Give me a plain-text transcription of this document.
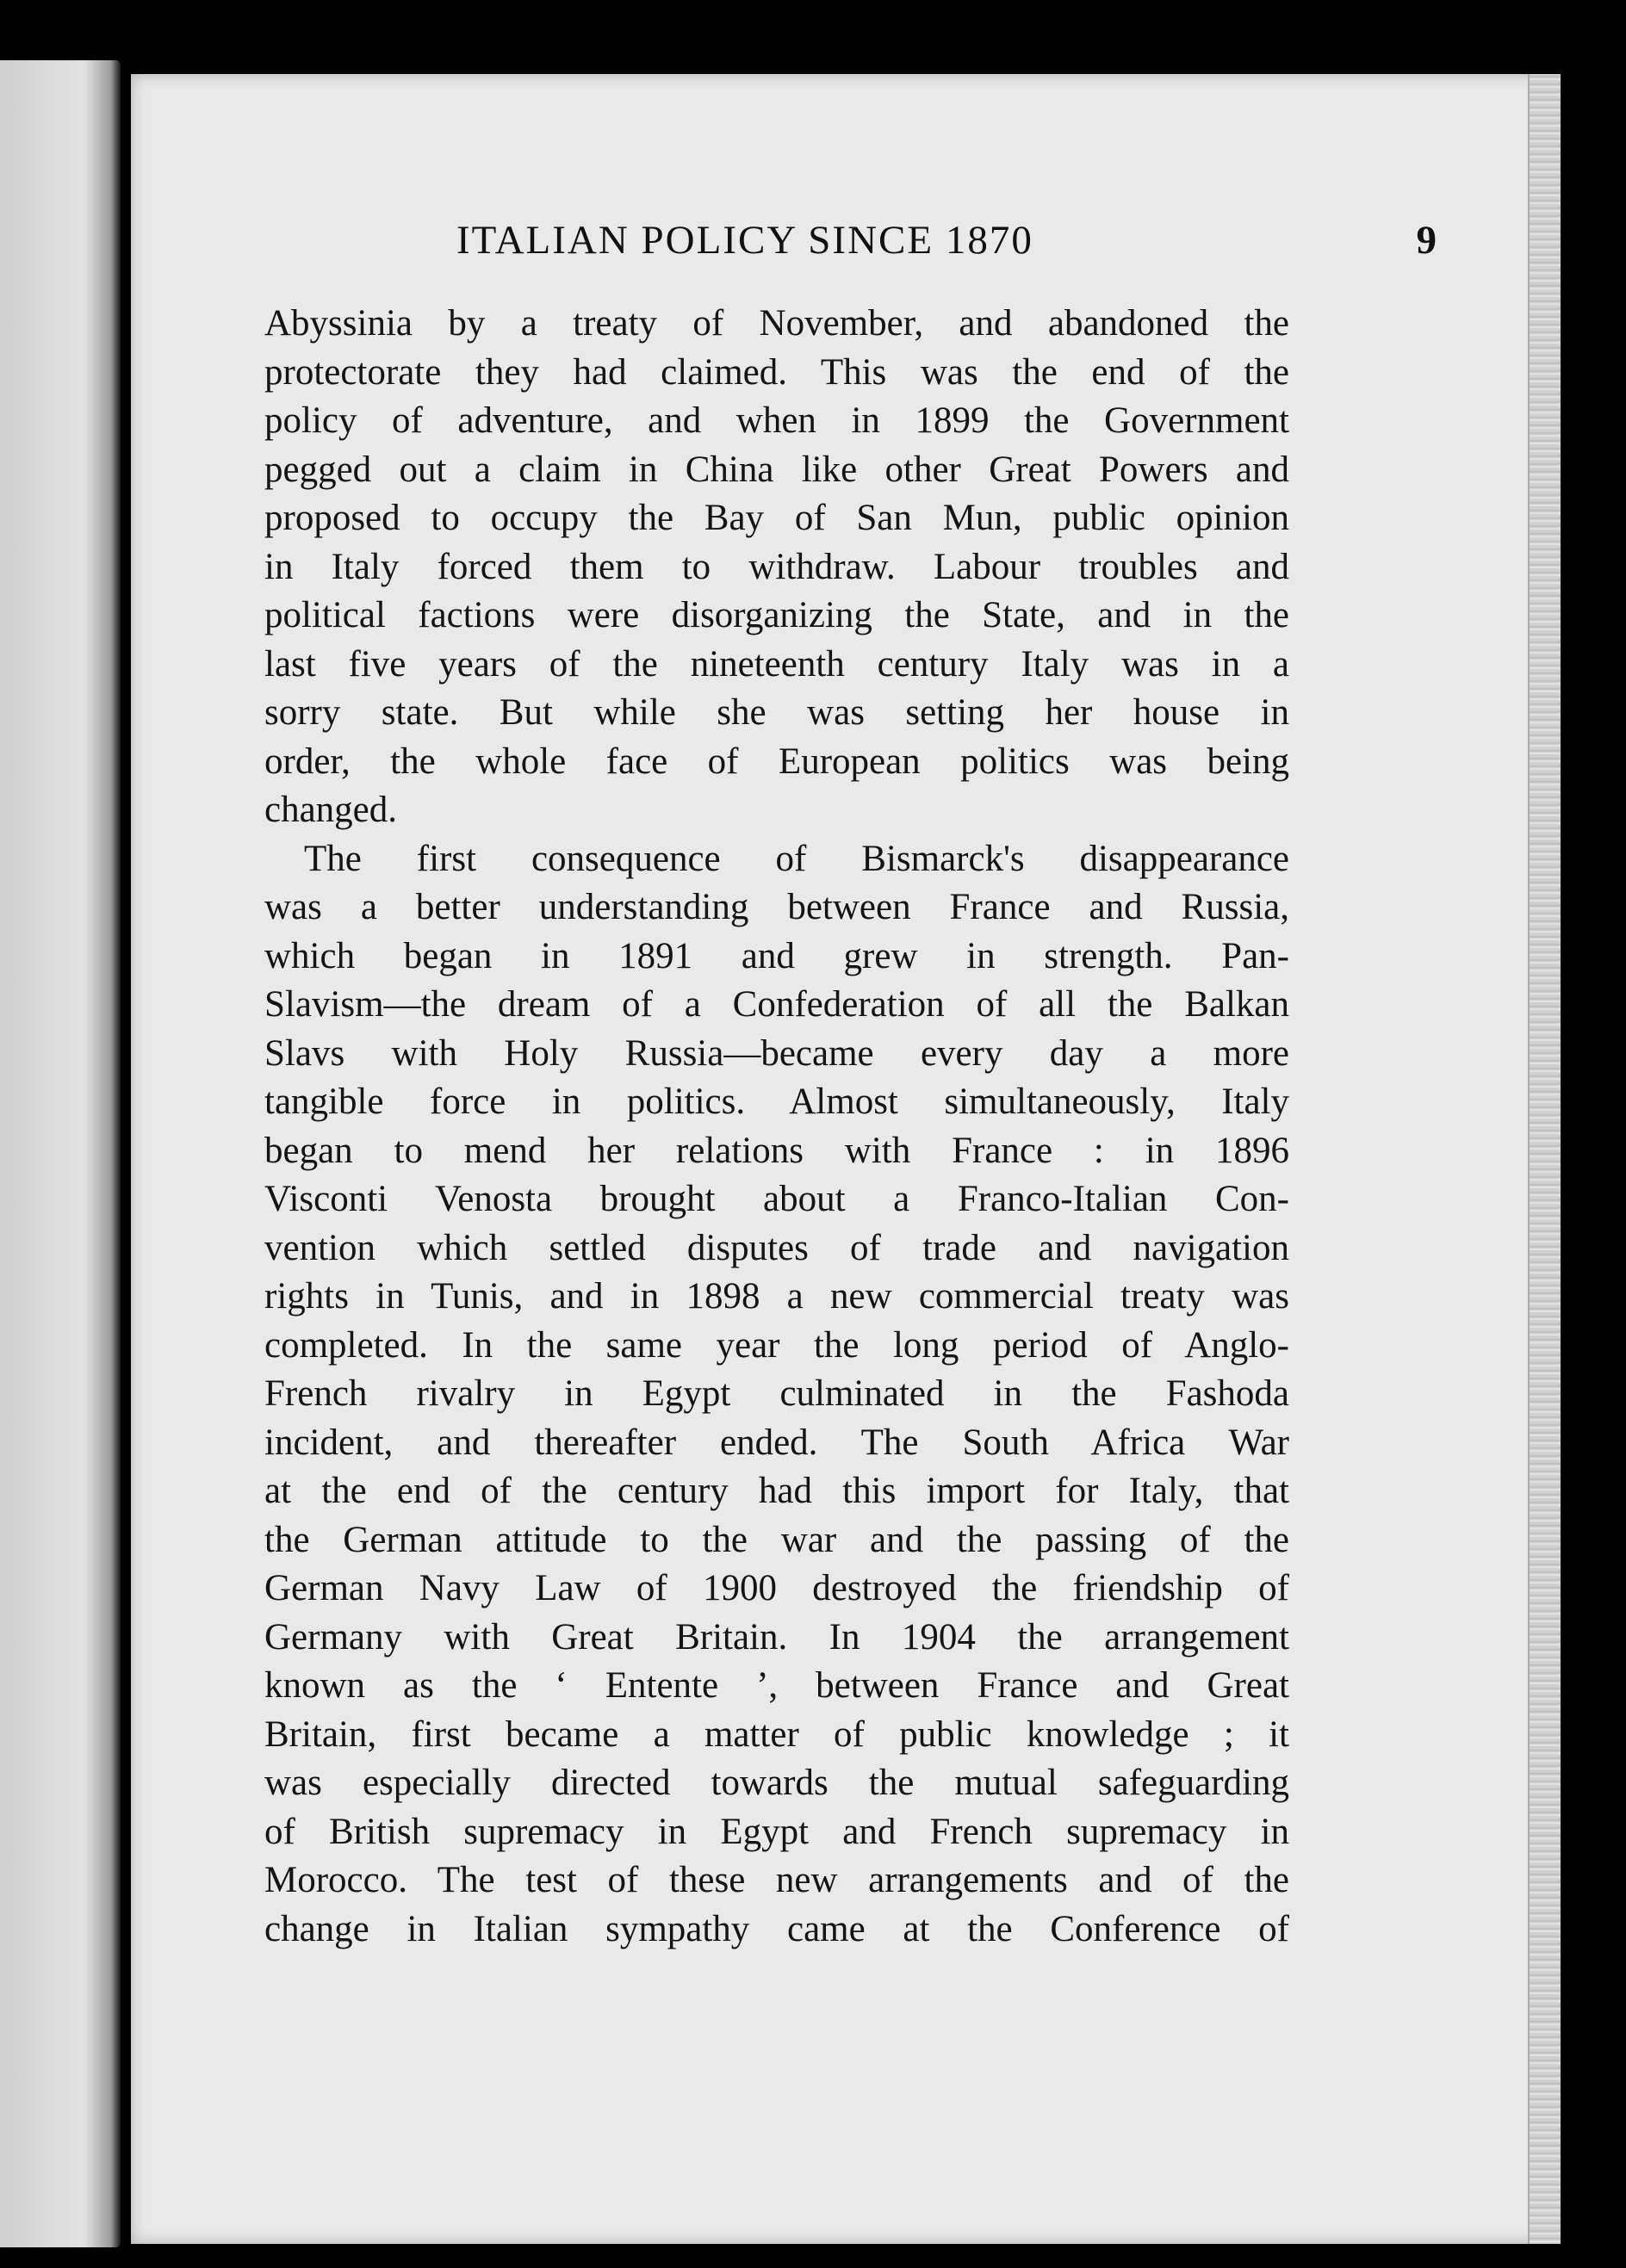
ITALIAN POLICY SINCE 1870	9
Abyssinia by a treaty of November, and abandoned the
protectorate they had claimed. This was the end of the
policy of adventure, and when in 1899 the Government
pegged out a claim in China like other Great Powers and
proposed to occupy the Bay of San Mun, public opinion
in Italy forced them to withdraw. Labour troubles and
political factions were disorganizing the State, and in the
last five years of the nineteenth century Italy was in a
sorry state. But while she was setting her house in
order, the whole face of European politics was being
changed.
The first consequence of Bismarck's disappearance
was a better understanding between France and Russia,
which began in 1891 and grew in strength. Pan-
Slavism—the dream of a Confederation of all the Balkan
Slavs with Holy Russia—became every day a more
tangible force in politics. Almost simultaneously, Italy
began to mend her relations with France : in 1896
Visconti Venosta brought about a Franco-Italian Con-
vention which settled disputes of trade and navigation
rights in Tunis, and in 1898 a new commercial treaty was
completed. In the same year the long period of Anglo-
French rivalry in Egypt culminated in the Fashoda
incident, and thereafter ended. The South Africa War
at the end of the century had this import for Italy, that
the German attitude to the war and the passing of the
German Navy Law of 1900 destroyed the friendship of
Germany with Great Britain. In 1904 the arrangement
known as the ‘ Entente ’, between France and Great
Britain, first became a matter of public knowledge ; it
was especially directed towards the mutual safeguarding
of British supremacy in Egypt and French supremacy in
Morocco. The test of these new arrangements and of the
change in Italian sympathy came at the Conference of
